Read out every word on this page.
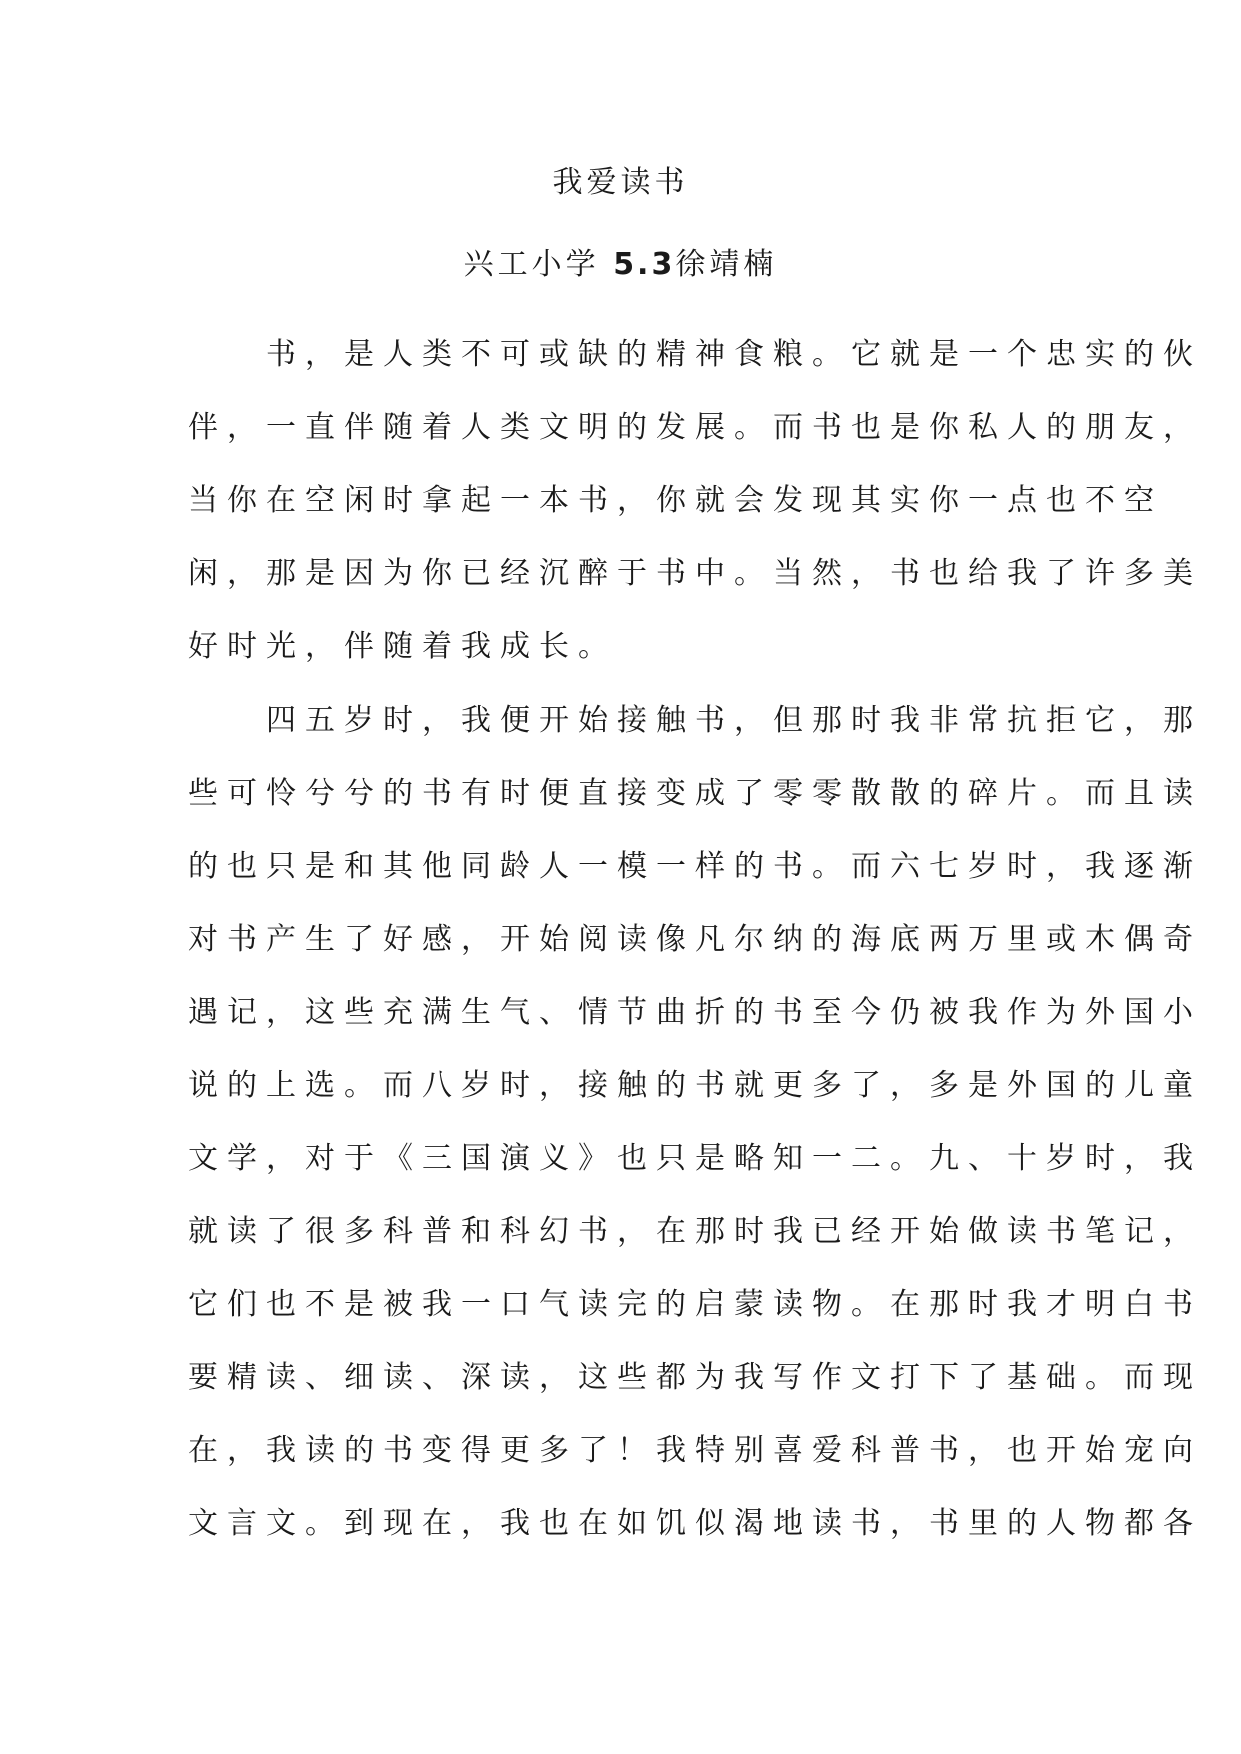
我爱读书
兴工小学 5.3徐靖楠
　　书，是人类不可或缺的精神食粮。它就是一个忠实的伙
伴，一直伴随着人类文明的发展。而书也是你私人的朋友，
当你在空闲时拿起一本书，你就会发现其实你一点也不空
闲，那是因为你已经沉醉于书中。当然，书也给我了许多美
好时光，伴随着我成长。
　　四五岁时，我便开始接触书，但那时我非常抗拒它，那
些可怜兮兮的书有时便直接变成了零零散散的碎片。而且读
的也只是和其他同龄人一模一样的书。而六七岁时，我逐渐
对书产生了好感，开始阅读像凡尔纳的海底两万里或木偶奇
遇记，这些充满生气、情节曲折的书至今仍被我作为外国小
说的上选。而八岁时，接触的书就更多了，多是外国的儿童
文学，对于《三国演义》也只是略知一二。九、十岁时，我
就读了很多科普和科幻书，在那时我已经开始做读书笔记，
它们也不是被我一口气读完的启蒙读物。在那时我才明白书
要精读、细读、深读，这些都为我写作文打下了基础。而现
在，我读的书变得更多了！我特别喜爱科普书，也开始宠向
文言文。到现在，我也在如饥似渴地读书，书里的人物都各
